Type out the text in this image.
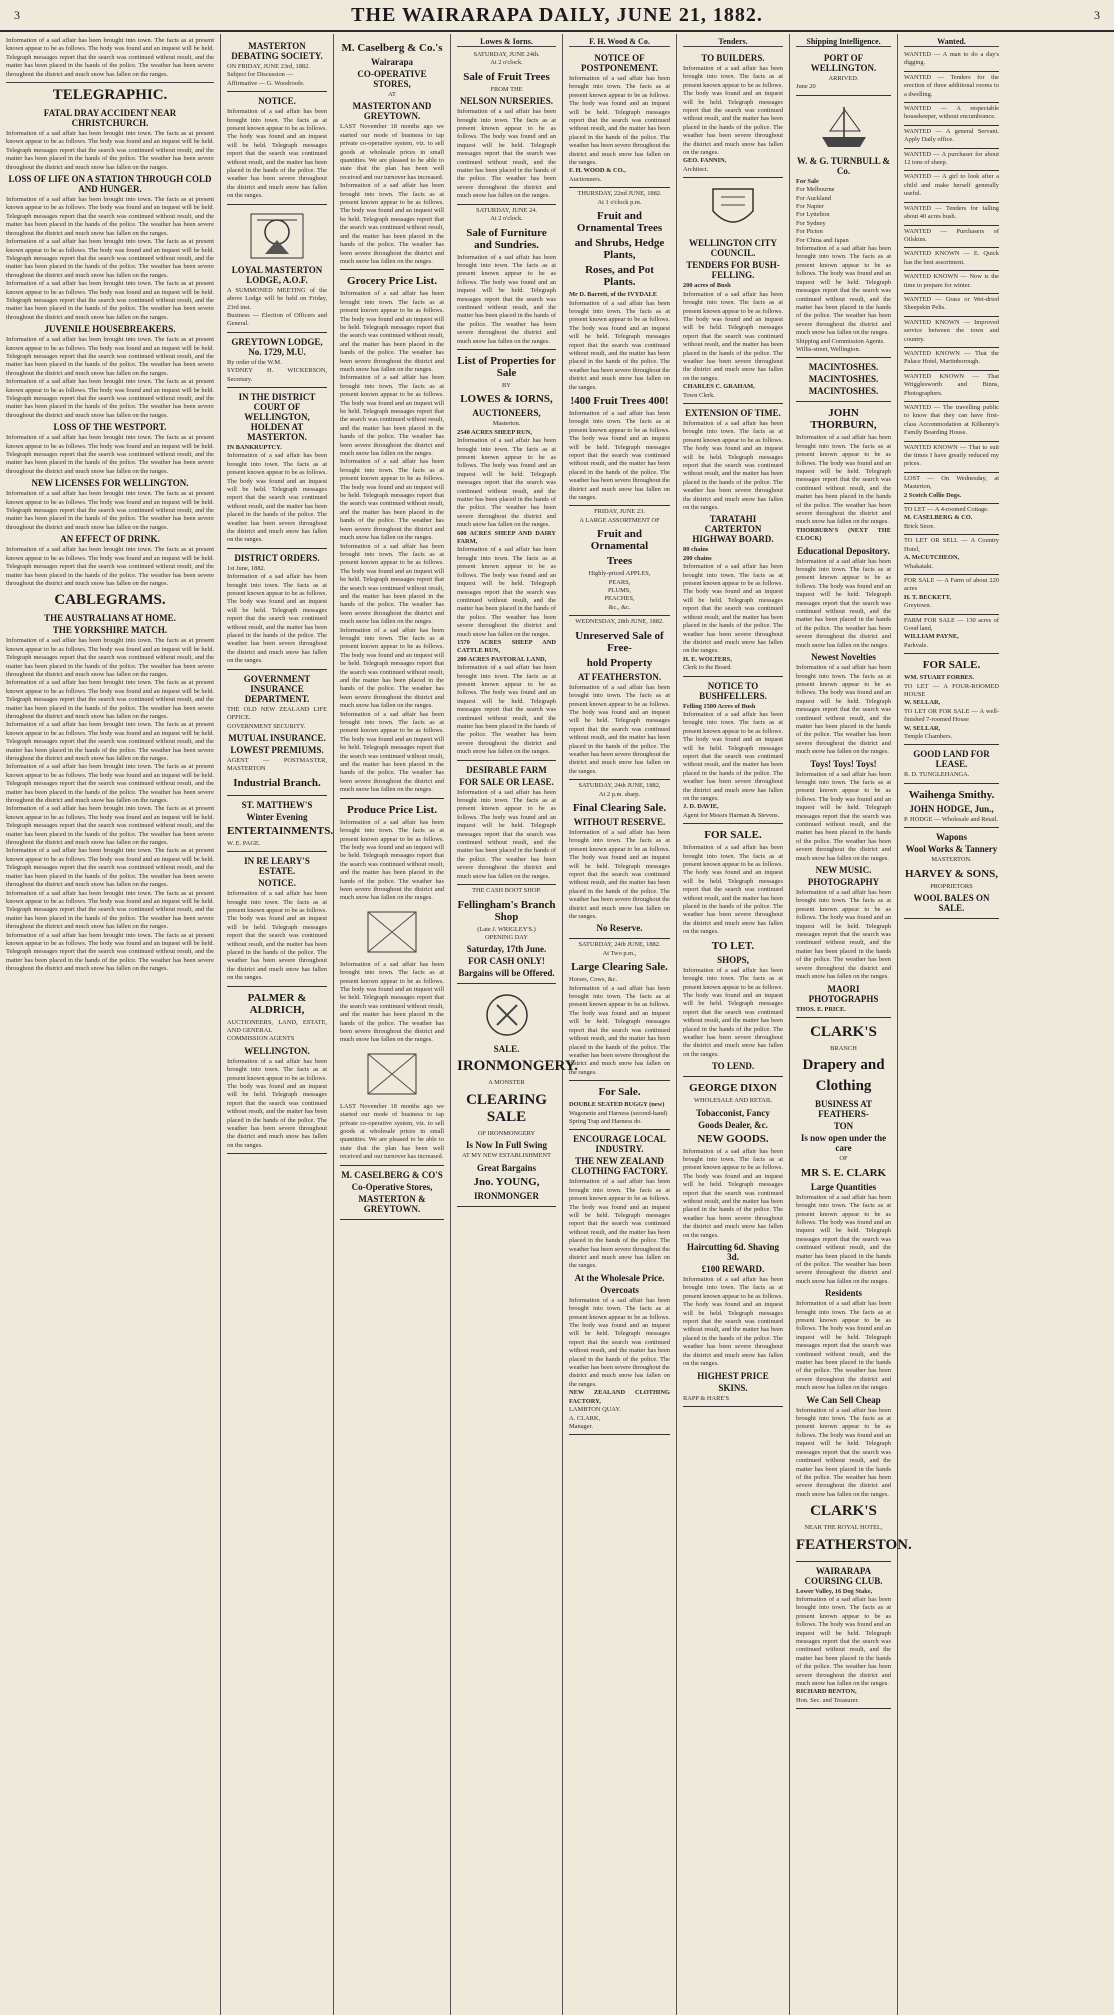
3	THE WAIRARAPA DAILY, JUNE 21, 1882.	3
Information of a sad affair has been brought into town. The facts as at present known appear to be as follows. The body was found and an inquest will be held. Telegraph messages report that the search was continued without result, and the matter has been placed in the hands of the police. The weather has been severe throughout the district and much snow has fallen on the ranges.
TELEGRAPHIC.
FATAL DRAY ACCIDENT NEAR CHRISTCHURCH.
Information of a sad affair has been brought into town. The facts as at present known appear to be as follows. The body was found and an inquest will be held. Telegraph messages report that the search was continued without result, and the matter has been placed in the hands of the police. The weather has been severe throughout the district and much snow has fallen on the ranges.
LOSS OF LIFE ON A STATION THROUGH COLD AND HUNGER.
Information of a sad affair has been brought into town. The facts as at present known appear to be as follows. The body was found and an inquest will be held. Telegraph messages report that the search was continued without result, and the matter has been placed in the hands of the police. The weather has been severe throughout the district and much snow has fallen on the ranges.
Information of a sad affair has been brought into town. The facts as at present known appear to be as follows. The body was found and an inquest will be held. Telegraph messages report that the search was continued without result, and the matter has been placed in the hands of the police. The weather has been severe throughout the district and much snow has fallen on the ranges.
Information of a sad affair has been brought into town. The facts as at present known appear to be as follows. The body was found and an inquest will be held. Telegraph messages report that the search was continued without result, and the matter has been placed in the hands of the police. The weather has been severe throughout the district and much snow has fallen on the ranges.
JUVENILE HOUSEBREAKERS.
Information of a sad affair has been brought into town. The facts as at present known appear to be as follows. The body was found and an inquest will be held. Telegraph messages report that the search was continued without result, and the matter has been placed in the hands of the police. The weather has been severe throughout the district and much snow has fallen on the ranges.
Information of a sad affair has been brought into town. The facts as at present known appear to be as follows. The body was found and an inquest will be held. Telegraph messages report that the search was continued without result, and the matter has been placed in the hands of the police. The weather has been severe throughout the district and much snow has fallen on the ranges.
LOSS OF THE WESTPORT.
Information of a sad affair has been brought into town. The facts as at present known appear to be as follows. The body was found and an inquest will be held. Telegraph messages report that the search was continued without result, and the matter has been placed in the hands of the police. The weather has been severe throughout the district and much snow has fallen on the ranges.
NEW LICENSES FOR WELLINGTON.
Information of a sad affair has been brought into town. The facts as at present known appear to be as follows. The body was found and an inquest will be held. Telegraph messages report that the search was continued without result, and the matter has been placed in the hands of the police. The weather has been severe throughout the district and much snow has fallen on the ranges.
AN EFFECT OF DRINK.
Information of a sad affair has been brought into town. The facts as at present known appear to be as follows. The body was found and an inquest will be held. Telegraph messages report that the search was continued without result, and the matter has been placed in the hands of the police. The weather has been severe throughout the district and much snow has fallen on the ranges.
CABLEGRAMS.
THE AUSTRALIANS AT HOME.
THE YORKSHIRE MATCH.
Information of a sad affair has been brought into town. The facts as at present known appear to be as follows. The body was found and an inquest will be held. Telegraph messages report that the search was continued without result, and the matter has been placed in the hands of the police. The weather has been severe throughout the district and much snow has fallen on the ranges.
Information of a sad affair has been brought into town. The facts as at present known appear to be as follows. The body was found and an inquest will be held. Telegraph messages report that the search was continued without result, and the matter has been placed in the hands of the police. The weather has been severe throughout the district and much snow has fallen on the ranges.
Information of a sad affair has been brought into town. The facts as at present known appear to be as follows. The body was found and an inquest will be held. Telegraph messages report that the search was continued without result, and the matter has been placed in the hands of the police. The weather has been severe throughout the district and much snow has fallen on the ranges.
Information of a sad affair has been brought into town. The facts as at present known appear to be as follows. The body was found and an inquest will be held. Telegraph messages report that the search was continued without result, and the matter has been placed in the hands of the police. The weather has been severe throughout the district and much snow has fallen on the ranges.
Information of a sad affair has been brought into town. The facts as at present known appear to be as follows. The body was found and an inquest will be held. Telegraph messages report that the search was continued without result, and the matter has been placed in the hands of the police. The weather has been severe throughout the district and much snow has fallen on the ranges.
Information of a sad affair has been brought into town. The facts as at present known appear to be as follows. The body was found and an inquest will be held. Telegraph messages report that the search was continued without result, and the matter has been placed in the hands of the police. The weather has been severe throughout the district and much snow has fallen on the ranges.
Information of a sad affair has been brought into town. The facts as at present known appear to be as follows. The body was found and an inquest will be held. Telegraph messages report that the search was continued without result, and the matter has been placed in the hands of the police. The weather has been severe throughout the district and much snow has fallen on the ranges.
Information of a sad affair has been brought into town. The facts as at present known appear to be as follows. The body was found and an inquest will be held. Telegraph messages report that the search was continued without result, and the matter has been placed in the hands of the police. The weather has been severe throughout the district and much snow has fallen on the ranges.
MASTERTON DEBATING SOCIETY.
ON FRIDAY, JUNE 23rd, 1882.
Subject for Discussion —
Affirmative — G. Woodroofe.
NOTICE.
Information of a sad affair has been brought into town. The facts as at present known appear to be as follows. The body was found and an inquest will be held. Telegraph messages report that the search was continued without result, and the matter has been placed in the hands of the police. The weather has been severe throughout the district and much snow has fallen on the ranges.
LOYAL MASTERTON LODGE, A.O.F.
A SUMMONED MEETING of the above Lodge will be held on Friday, 23rd inst.
Business — Election of Officers and General.
GREYTOWN LODGE, No. 1729, M.U.
By order of the W.M.
SYDNEY H. WICKERSON, Secretary.
IN THE DISTRICT COURT OF WELLINGTON, HOLDEN AT MASTERTON.
IN BANKRUPTCY.
Information of a sad affair has been brought into town. The facts as at present known appear to be as follows. The body was found and an inquest will be held. Telegraph messages report that the search was continued without result, and the matter has been placed in the hands of the police. The weather has been severe throughout the district and much snow has fallen on the ranges.
DISTRICT ORDERS.
1st June, 1882.
Information of a sad affair has been brought into town. The facts as at present known appear to be as follows. The body was found and an inquest will be held. Telegraph messages report that the search was continued without result, and the matter has been placed in the hands of the police. The weather has been severe throughout the district and much snow has fallen on the ranges.
GOVERNMENT INSURANCE DEPARTMENT.
THE OLD NEW ZEALAND LIFE OFFICE.
GOVERNMENT SECURITY.
MUTUAL INSURANCE.
LOWEST PREMIUMS.
AGENT — POSTMASTER, MASTERTON
Industrial Branch.
ST. MATTHEW'S
Winter Evening
ENTERTAINMENTS.
W. E. PAGE.
IN RE LEARY'S ESTATE.
NOTICE.
Information of a sad affair has been brought into town. The facts as at present known appear to be as follows. The body was found and an inquest will be held. Telegraph messages report that the search was continued without result, and the matter has been placed in the hands of the police. The weather has been severe throughout the district and much snow has fallen on the ranges.
PALMER & ALDRICH,
AUCTIONEERS, LAND, ESTATE, AND GENERAL
COMMISSION AGENTS
WELLINGTON.
Information of a sad affair has been brought into town. The facts as at present known appear to be as follows. The body was found and an inquest will be held. Telegraph messages report that the search was continued without result, and the matter has been placed in the hands of the police. The weather has been severe throughout the district and much snow has fallen on the ranges.
M. Caselberg & Co.'s
Wairarapa
CO-OPERATIVE STORES,
AT
MASTERTON AND GREYTOWN.
LAST November 18 months ago we started our mode of business to tap private co-operative system, viz. to sell goods at wholesale prices in small quantities. We are pleased to be able to state that the plan has been well received and our turnover has increased.
Information of a sad affair has been brought into town. The facts as at present known appear to be as follows. The body was found and an inquest will be held. Telegraph messages report that the search was continued without result, and the matter has been placed in the hands of the police. The weather has been severe throughout the district and much snow has fallen on the ranges.
Grocery Price List.
Information of a sad affair has been brought into town. The facts as at present known appear to be as follows. The body was found and an inquest will be held. Telegraph messages report that the search was continued without result, and the matter has been placed in the hands of the police. The weather has been severe throughout the district and much snow has fallen on the ranges.
Information of a sad affair has been brought into town. The facts as at present known appear to be as follows. The body was found and an inquest will be held. Telegraph messages report that the search was continued without result, and the matter has been placed in the hands of the police. The weather has been severe throughout the district and much snow has fallen on the ranges.
Information of a sad affair has been brought into town. The facts as at present known appear to be as follows. The body was found and an inquest will be held. Telegraph messages report that the search was continued without result, and the matter has been placed in the hands of the police. The weather has been severe throughout the district and much snow has fallen on the ranges.
Information of a sad affair has been brought into town. The facts as at present known appear to be as follows. The body was found and an inquest will be held. Telegraph messages report that the search was continued without result, and the matter has been placed in the hands of the police. The weather has been severe throughout the district and much snow has fallen on the ranges.
Information of a sad affair has been brought into town. The facts as at present known appear to be as follows. The body was found and an inquest will be held. Telegraph messages report that the search was continued without result, and the matter has been placed in the hands of the police. The weather has been severe throughout the district and much snow has fallen on the ranges.
Information of a sad affair has been brought into town. The facts as at present known appear to be as follows. The body was found and an inquest will be held. Telegraph messages report that the search was continued without result, and the matter has been placed in the hands of the police. The weather has been severe throughout the district and much snow has fallen on the ranges.
Produce Price List.
Information of a sad affair has been brought into town. The facts as at present known appear to be as follows. The body was found and an inquest will be held. Telegraph messages report that the search was continued without result, and the matter has been placed in the hands of the police. The weather has been severe throughout the district and much snow has fallen on the ranges.
Information of a sad affair has been brought into town. The facts as at present known appear to be as follows. The body was found and an inquest will be held. Telegraph messages report that the search was continued without result, and the matter has been placed in the hands of the police. The weather has been severe throughout the district and much snow has fallen on the ranges.
LAST November 18 months ago we started our mode of business to tap private co-operative system, viz. to sell goods at wholesale prices in small quantities. We are pleased to be able to state that the plan has been well received and our turnover has increased.
M. CASELBERG & CO'S
Co-Operative Stores,
MASTERTON & GREYTOWN.
Lowes & Iorns.
SATURDAY, JUNE 24th.
At 2 o'clock.
Sale of Fruit Trees
FROM THE
NELSON NURSERIES.
Information of a sad affair has been brought into town. The facts as at present known appear to be as follows. The body was found and an inquest will be held. Telegraph messages report that the search was continued without result, and the matter has been placed in the hands of the police. The weather has been severe throughout the district and much snow has fallen on the ranges.
SATURDAY, JUNE 24.
At 2 o'clock.
Sale of Furniture and Sundries.
Information of a sad affair has been brought into town. The facts as at present known appear to be as follows. The body was found and an inquest will be held. Telegraph messages report that the search was continued without result, and the matter has been placed in the hands of the police. The weather has been severe throughout the district and much snow has fallen on the ranges.
List of Properties for Sale
BY
LOWES & IORNS,
AUCTIONEERS,
Masterton.
2540 ACRES SHEEP RUN,
Information of a sad affair has been brought into town. The facts as at present known appear to be as follows. The body was found and an inquest will be held. Telegraph messages report that the search was continued without result, and the matter has been placed in the hands of the police. The weather has been severe throughout the district and much snow has fallen on the ranges.
600 ACRES SHEEP AND DAIRY FARM,
Information of a sad affair has been brought into town. The facts as at present known appear to be as follows. The body was found and an inquest will be held. Telegraph messages report that the search was continued without result, and the matter has been placed in the hands of the police. The weather has been severe throughout the district and much snow has fallen on the ranges.
1570 ACRES SHEEP AND CATTLE RUN,
200 ACRES PASTORAL LAND,
Information of a sad affair has been brought into town. The facts as at present known appear to be as follows. The body was found and an inquest will be held. Telegraph messages report that the search was continued without result, and the matter has been placed in the hands of the police. The weather has been severe throughout the district and much snow has fallen on the ranges.
DESIRABLE FARM
FOR SALE OR LEASE.
Information of a sad affair has been brought into town. The facts as at present known appear to be as follows. The body was found and an inquest will be held. Telegraph messages report that the search was continued without result, and the matter has been placed in the hands of the police. The weather has been severe throughout the district and much snow has fallen on the ranges.
THE CASH BOOT SHOP.
Fellingham's Branch Shop
(Late J. WRIGLEY'S.)
OPENING DAY
Saturday, 17th June.
FOR CASH ONLY!
Bargains will be Offered.
SALE.
IRONMONGERY.
A MONSTER
CLEARING SALE
OF IRONMONGERY
Is Now In Full Swing
AT MY NEW ESTABLISHMENT
Great Bargains
Jno. YOUNG,
IRONMONGER
F. H. Wood & Co.
NOTICE OF POSTPONEMENT.
Information of a sad affair has been brought into town. The facts as at present known appear to be as follows. The body was found and an inquest will be held. Telegraph messages report that the search was continued without result, and the matter has been placed in the hands of the police. The weather has been severe throughout the district and much snow has fallen on the ranges.
F. H. WOOD & CO.,
Auctioneers.
THURSDAY, 22nd JUNE, 1882.
At 1 o'clock p.m.
Fruit and Ornamental Trees
and Shrubs, Hedge Plants,
Roses, and Pot Plants.
Mr D. Barrett, of the IVYDALE
Information of a sad affair has been brought into town. The facts as at present known appear to be as follows. The body was found and an inquest will be held. Telegraph messages report that the search was continued without result, and the matter has been placed in the hands of the police. The weather has been severe throughout the district and much snow has fallen on the ranges.
!400 Fruit Trees 400!
Information of a sad affair has been brought into town. The facts as at present known appear to be as follows. The body was found and an inquest will be held. Telegraph messages report that the search was continued without result, and the matter has been placed in the hands of the police. The weather has been severe throughout the district and much snow has fallen on the ranges.
FRIDAY, JUNE 23.
A LARGE ASSORTMENT OF
Fruit and Ornamental
Trees
Highly-priced APPLES,
PEARS,
PLUMS,
PEACHES,
&c., &c.
WEDNESDAY, 28th JUNE, 1882.
Unreserved Sale of Free-
hold Property
AT FEATHERSTON.
Information of a sad affair has been brought into town. The facts as at present known appear to be as follows. The body was found and an inquest will be held. Telegraph messages report that the search was continued without result, and the matter has been placed in the hands of the police. The weather has been severe throughout the district and much snow has fallen on the ranges.
SATURDAY, 24th JUNE, 1882,
At 2 p.m. sharp.
Final Clearing Sale.
WITHOUT RESERVE.
Information of a sad affair has been brought into town. The facts as at present known appear to be as follows. The body was found and an inquest will be held. Telegraph messages report that the search was continued without result, and the matter has been placed in the hands of the police. The weather has been severe throughout the district and much snow has fallen on the ranges.
No Reserve.
SATURDAY, 24th JUNE, 1882.
At Two p.m.,
Large Clearing Sale.
Horses, Cows, &c.
Information of a sad affair has been brought into town. The facts as at present known appear to be as follows. The body was found and an inquest will be held. Telegraph messages report that the search was continued without result, and the matter has been placed in the hands of the police. The weather has been severe throughout the district and much snow has fallen on the ranges.
For Sale.
DOUBLE SEATED BUGGY (new)
Wagonette and Harness (second-hand)
Spring Trap and Harness do.
ENCOURAGE LOCAL INDUSTRY.
THE NEW ZEALAND CLOTHING FACTORY.
Information of a sad affair has been brought into town. The facts as at present known appear to be as follows. The body was found and an inquest will be held. Telegraph messages report that the search was continued without result, and the matter has been placed in the hands of the police. The weather has been severe throughout the district and much snow has fallen on the ranges.
At the Wholesale Price.
Overcoats
Information of a sad affair has been brought into town. The facts as at present known appear to be as follows. The body was found and an inquest will be held. Telegraph messages report that the search was continued without result, and the matter has been placed in the hands of the police. The weather has been severe throughout the district and much snow has fallen on the ranges.
NEW ZEALAND CLOTHING FACTORY,
LAMBTON QUAY.
A. CLARK,
Manager.
Tenders.
TO BUILDERS.
Information of a sad affair has been brought into town. The facts as at present known appear to be as follows. The body was found and an inquest will be held. Telegraph messages report that the search was continued without result, and the matter has been placed in the hands of the police. The weather has been severe throughout the district and much snow has fallen on the ranges.
GEO. FANNIN,
Architect.
WELLINGTON CITY COUNCIL.
TENDERS FOR BUSH-FELLING.
200 acres of Bush
Information of a sad affair has been brought into town. The facts as at present known appear to be as follows. The body was found and an inquest will be held. Telegraph messages report that the search was continued without result, and the matter has been placed in the hands of the police. The weather has been severe throughout the district and much snow has fallen on the ranges.
CHARLES C. GRAHAM,
Town Clerk.
EXTENSION OF TIME.
Information of a sad affair has been brought into town. The facts as at present known appear to be as follows. The body was found and an inquest will be held. Telegraph messages report that the search was continued without result, and the matter has been placed in the hands of the police. The weather has been severe throughout the district and much snow has fallen on the ranges.
TARATAHI CARTERTON HIGHWAY BOARD.
80 chains
200 chains
Information of a sad affair has been brought into town. The facts as at present known appear to be as follows. The body was found and an inquest will be held. Telegraph messages report that the search was continued without result, and the matter has been placed in the hands of the police. The weather has been severe throughout the district and much snow has fallen on the ranges.
H. E. WOLTERS,
Clerk to the Board.
NOTICE TO BUSHFELLERS.
Felling 1500 Acres of Bush
Information of a sad affair has been brought into town. The facts as at present known appear to be as follows. The body was found and an inquest will be held. Telegraph messages report that the search was continued without result, and the matter has been placed in the hands of the police. The weather has been severe throughout the district and much snow has fallen on the ranges.
J. D. DAVIE,
Agent for Messrs Harman & Stevens.
FOR SALE.
Information of a sad affair has been brought into town. The facts as at present known appear to be as follows. The body was found and an inquest will be held. Telegraph messages report that the search was continued without result, and the matter has been placed in the hands of the police. The weather has been severe throughout the district and much snow has fallen on the ranges.
TO LET.
SHOPS,
Information of a sad affair has been brought into town. The facts as at present known appear to be as follows. The body was found and an inquest will be held. Telegraph messages report that the search was continued without result, and the matter has been placed in the hands of the police. The weather has been severe throughout the district and much snow has fallen on the ranges.
TO LEND.
GEORGE DIXON
WHOLESALE AND RETAIL
Tobacconist, Fancy
Goods Dealer, &c.
NEW GOODS.
Information of a sad affair has been brought into town. The facts as at present known appear to be as follows. The body was found and an inquest will be held. Telegraph messages report that the search was continued without result, and the matter has been placed in the hands of the police. The weather has been severe throughout the district and much snow has fallen on the ranges.
Haircutting 6d. Shaving 3d.
£100 REWARD.
Information of a sad affair has been brought into town. The facts as at present known appear to be as follows. The body was found and an inquest will be held. Telegraph messages report that the search was continued without result, and the matter has been placed in the hands of the police. The weather has been severe throughout the district and much snow has fallen on the ranges.
HIGHEST PRICE
SKINS.
RAPP & HARE'S
Shipping Intelligence.
PORT OF WELLINGTON.
ARRIVED.
June 20
W. & G. TURNBULL & Co.
For Sale
For Melbourne
For Auckland
For Napier
For Lyttelton
For Sydney
For Picton
For China and Japan
Information of a sad affair has been brought into town. The facts as at present known appear to be as follows. The body was found and an inquest will be held. Telegraph messages report that the search was continued without result, and the matter has been placed in the hands of the police. The weather has been severe throughout the district and much snow has fallen on the ranges.
Shipping and Commission Agents.
Willis-street, Wellington.
MACINTOSHES.
MACINTOSHES.
MACINTOSHES.
JOHN THORBURN,
Information of a sad affair has been brought into town. The facts as at present known appear to be as follows. The body was found and an inquest will be held. Telegraph messages report that the search was continued without result, and the matter has been placed in the hands of the police. The weather has been severe throughout the district and much snow has fallen on the ranges.
THORBURN'S (NEXT THE CLOCK)
Educational Depository.
Information of a sad affair has been brought into town. The facts as at present known appear to be as follows. The body was found and an inquest will be held. Telegraph messages report that the search was continued without result, and the matter has been placed in the hands of the police. The weather has been severe throughout the district and much snow has fallen on the ranges.
Newest Novelties
Information of a sad affair has been brought into town. The facts as at present known appear to be as follows. The body was found and an inquest will be held. Telegraph messages report that the search was continued without result, and the matter has been placed in the hands of the police. The weather has been severe throughout the district and much snow has fallen on the ranges.
Toys! Toys! Toys!
Information of a sad affair has been brought into town. The facts as at present known appear to be as follows. The body was found and an inquest will be held. Telegraph messages report that the search was continued without result, and the matter has been placed in the hands of the police. The weather has been severe throughout the district and much snow has fallen on the ranges.
NEW MUSIC.
PHOTOGRAPHY
Information of a sad affair has been brought into town. The facts as at present known appear to be as follows. The body was found and an inquest will be held. Telegraph messages report that the search was continued without result, and the matter has been placed in the hands of the police. The weather has been severe throughout the district and much snow has fallen on the ranges.
MAORI PHOTOGRAPHS
THOS. E. PRICE.
CLARK'S
BRANCH
Drapery and
Clothing
BUSINESS AT FEATHERS-
TON
Is now open under the care
OF
MR S. E. CLARK
Large Quantities
Information of a sad affair has been brought into town. The facts as at present known appear to be as follows. The body was found and an inquest will be held. Telegraph messages report that the search was continued without result, and the matter has been placed in the hands of the police. The weather has been severe throughout the district and much snow has fallen on the ranges.
Residents
Information of a sad affair has been brought into town. The facts as at present known appear to be as follows. The body was found and an inquest will be held. Telegraph messages report that the search was continued without result, and the matter has been placed in the hands of the police. The weather has been severe throughout the district and much snow has fallen on the ranges.
We Can Sell Cheap
Information of a sad affair has been brought into town. The facts as at present known appear to be as follows. The body was found and an inquest will be held. Telegraph messages report that the search was continued without result, and the matter has been placed in the hands of the police. The weather has been severe throughout the district and much snow has fallen on the ranges.
CLARK'S
NEAR THE ROYAL HOTEL,
FEATHERSTON.
WAIRARAPA COURSING CLUB.
Lower Valley, 16 Dog Stake,
Information of a sad affair has been brought into town. The facts as at present known appear to be as follows. The body was found and an inquest will be held. Telegraph messages report that the search was continued without result, and the matter has been placed in the hands of the police. The weather has been severe throughout the district and much snow has fallen on the ranges.
RICHARD BENTON,
Hon. Sec. and Treasurer.
Wanted.
WANTED — A man to do a day's digging.
WANTED — Tenders for the erection of three additional rooms to a dwelling.
WANTED — A respectable housekeeper, without encumbrance.
WANTED — A general Servant. Apply Daily office.
WANTED — A purchaser for about 12 tons of sheep.
WANTED — A girl to look after a child and make herself generally useful.
WANTED — Tenders for falling about 40 acres bush.
WANTED — Purchasers of Oilskins.
WANTED KNOWN — E. Quick has the best assortment.
WANTED KNOWN — Now is the time to prepare for winter.
WANTED — Grass or Wet-dried Sheepskin Pelts.
WANTED KNOWN — Improved service between the town and country.
WANTED KNOWN — That the Palace Hotel, Martinborough.
WANTED KNOWN — That Wrigglesworth and Binns, Photographers.
WANTED — The travelling public to know that they can have first-class Accommodation at Kilkenny's Family Boarding House.
WANTED KNOWN — That to suit the times I have greatly reduced my prices.
LOST — On Wednesday, at Masterton,
2 Scotch Collie Dogs.
TO LET — A 4-roomed Cottage.
M. CASELBERG & CO.
Brick Store.
TO LET OR SELL — A Country Hotel,
A. McCUTCHEON,
Whakataki.
FOR SALE — A Farm of about 220 acres
H. T. BECKETT,
Greytown.
FARM FOR SALE — 130 acres of Good land,
WILLIAM PAYNE,
Parkvale.
FOR SALE.
WM. STUART FORBES.
TO LET — A FOUR-ROOMED HOUSE
W. SELLAR,
TO LET OR FOR SALE — A well-finished 7-roomed House
W. SELLAR,
Temple Chambers.
GOOD LAND FOR LEASE.
R. D. TUNGLEHANGA.
Waihenga Smithy.
JOHN HODGE, Jun.,
P. HODGE — Wholesale and Retail.
Wapons
Wool Works & Tannery
MASTERTON.
HARVEY & SONS,
PROPRIETORS
WOOL BALES ON SALE.
